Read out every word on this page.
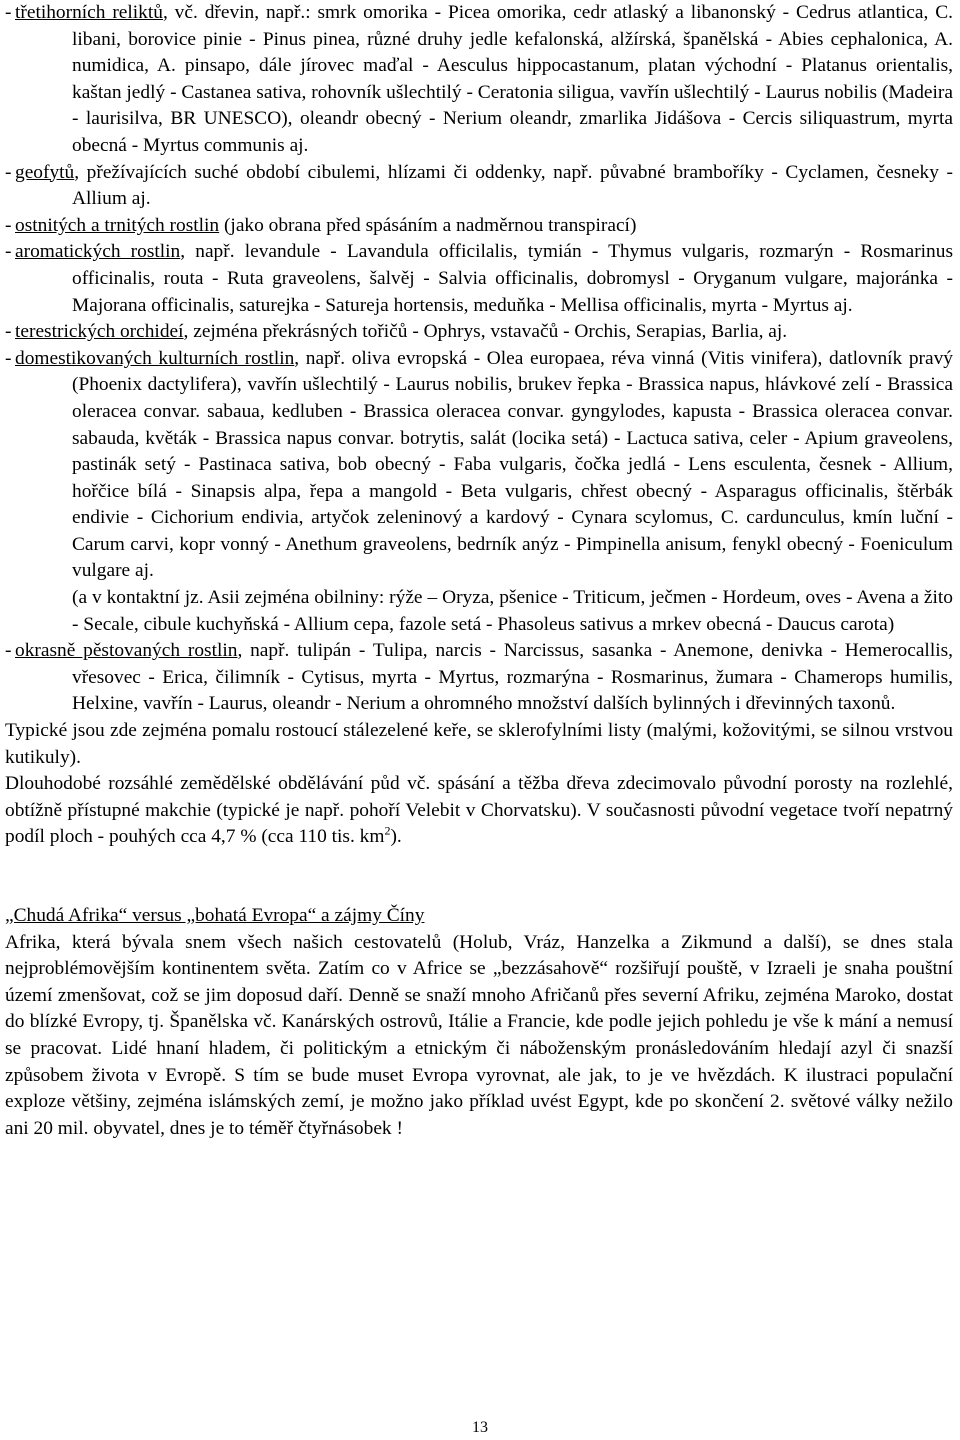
- třetihorních reliktů, vč. dřevin, např.: smrk omorika - Picea omorika, cedr atlaský a libanonský - Cedrus atlantica, C. libani, borovice pinie - Pinus pinea, různé druhy jedle kefalonská, alžírská, španělská - Abies cephalonica, A. numidica, A. pinsapo, dále jírovec maďal - Aesculus hippocastanum, platan východní - Platanus orientalis, kaštan jedlý - Castanea sativa, rohovník ušlechtilý - Ceratonia siligua, vavřín ušlechtilý - Laurus nobilis (Madeira - laurisilva, BR UNESCO), oleandr obecný - Nerium oleandr, zmarlika Jidášova - Cercis siliquastrum, myrta obecná - Myrtus communis aj.

- geofytů, přežívajících suché období cibulemi, hlízami či oddenky, např. půvabné bramboříky - Cyclamen, česneky - Allium aj.

- ostnitých a trnitých rostlin (jako obrana před spásáním a nadměrnou transpirací)

- aromatických rostlin, např. levandule - Lavandula officilalis, tymián - Thymus vulgaris, rozmarýn - Rosmarinus officinalis, routa - Ruta graveolens, šalvěj - Salvia officinalis, dobromysl - Oryganum vulgare, majoránka - Majorana officinalis, saturejka - Satureja hortensis, meduňka - Mellisa officinalis, myrta - Myrtus aj.

- terestrických orchideí, zejména překrásných tořičů - Ophrys, vstavačů - Orchis, Serapias, Barlia, aj.

- domestikovaných kulturních rostlin, např. oliva evropská - Olea europaea, réva vinná (Vitis vinifera), datlovník pravý (Phoenix dactylifera), vavřín ušlechtilý - Laurus nobilis, brukev řepka - Brassica napus, hlávkové zelí - Brassica oleracea convar. sabaua, kedluben - Brassica oleracea convar. gyngylodes, kapusta - Brassica oleracea convar. sabauda, květák - Brassica napus convar. botrytis, salát (locika setá) - Lactuca sativa, celer - Apium graveolens, pastinák setý - Pastinaca sativa, bob obecný - Faba vulgaris, čočka jedlá - Lens esculenta, česnek - Allium, hořčice bílá - Sinapsis alpa, řepa a mangold - Beta vulgaris, chřest obecný - Asparagus officinalis, štěrbák endivie - Cichorium endivia, artyčok zeleninový a kardový - Cynara scylomus, C. cardunculus, kmín luční - Carum carvi, kopr vonný - Anethum graveolens, bedrník anýz - Pimpinella anisum, fenykl obecný - Foeniculum vulgare aj.

(a v kontaktní jz. Asii zejména obilniny: rýže – Oryza, pšenice - Triticum, ječmen - Hordeum, oves - Avena a žito - Secale, cibule kuchyňská - Allium cepa, fazole setá - Phasoleus sativus a mrkev obecná - Daucus carota)

- okrasně pěstovaných rostlin, např. tulipán - Tulipa, narcis - Narcissus, sasanka - Anemone, denivka - Hemerocallis, vřesovec - Erica, čilimník - Cytisus, myrta - Myrtus, rozmarýna - Rosmarinus, žumara - Chamerops humilis, Helxine, vavřín - Laurus, oleandr - Nerium a ohromného množství dalších bylinných i dřevinných taxonů.

Typické jsou zde zejména pomalu rostoucí stálezelené keře, se sklerofylními listy (malými, kožovitými, se silnou vrstvou kutikuly).

Dlouhodobé rozsáhlé zemědělské obdělávání půd vč. spásání a těžba dřeva zdecimovalo původní porosty na rozlehlé, obtížně přístupné makchie (typické je např. pohoří Velebit v Chorvatsku). V současnosti původní vegetace tvoří nepatrný podíl ploch - pouhých cca 4,7 % (cca 110 tis. $km^2$).

„Chudá Afrika“ versus „bohatá Evropa“ a zájmy Číny

Afrika, která bývala snem všech našich cestovatelů (Holub, Vráz, Hanzelka a Zikmund a další), se dnes stala nejproblémovějším kontinentem světa. Zatím co v Africe se „bezzásahově“ rozšiřují pouště, v Izraeli je snaha pouštní území zmenšovat, což se jim doposud daří. Denně se snaží mnoho Afričanů přes severní Afriku, zejména Maroko, dostat do blízké Evropy, tj. Španělska vč. Kanárských ostrovů, Itálie a Francie, kde podle jejich pohledu je vše k mání a nemusí se pracovat. Lidé hnaní hladem, či politickým a etnickým či náboženským pronásledováním hledají azyl či snazší způsobem života v Evropě. S tím se bude muset Evropa vyrovnat, ale jak, to je ve hvězdách. K ilustraci populační exploze většiny, zejména islámských zemí, je možno jako příklad uvést Egypt, kde po skončení 2. světové války nežilo ani 20 mil. obyvatel, dnes je to téměř čtyřnásobek !

13
